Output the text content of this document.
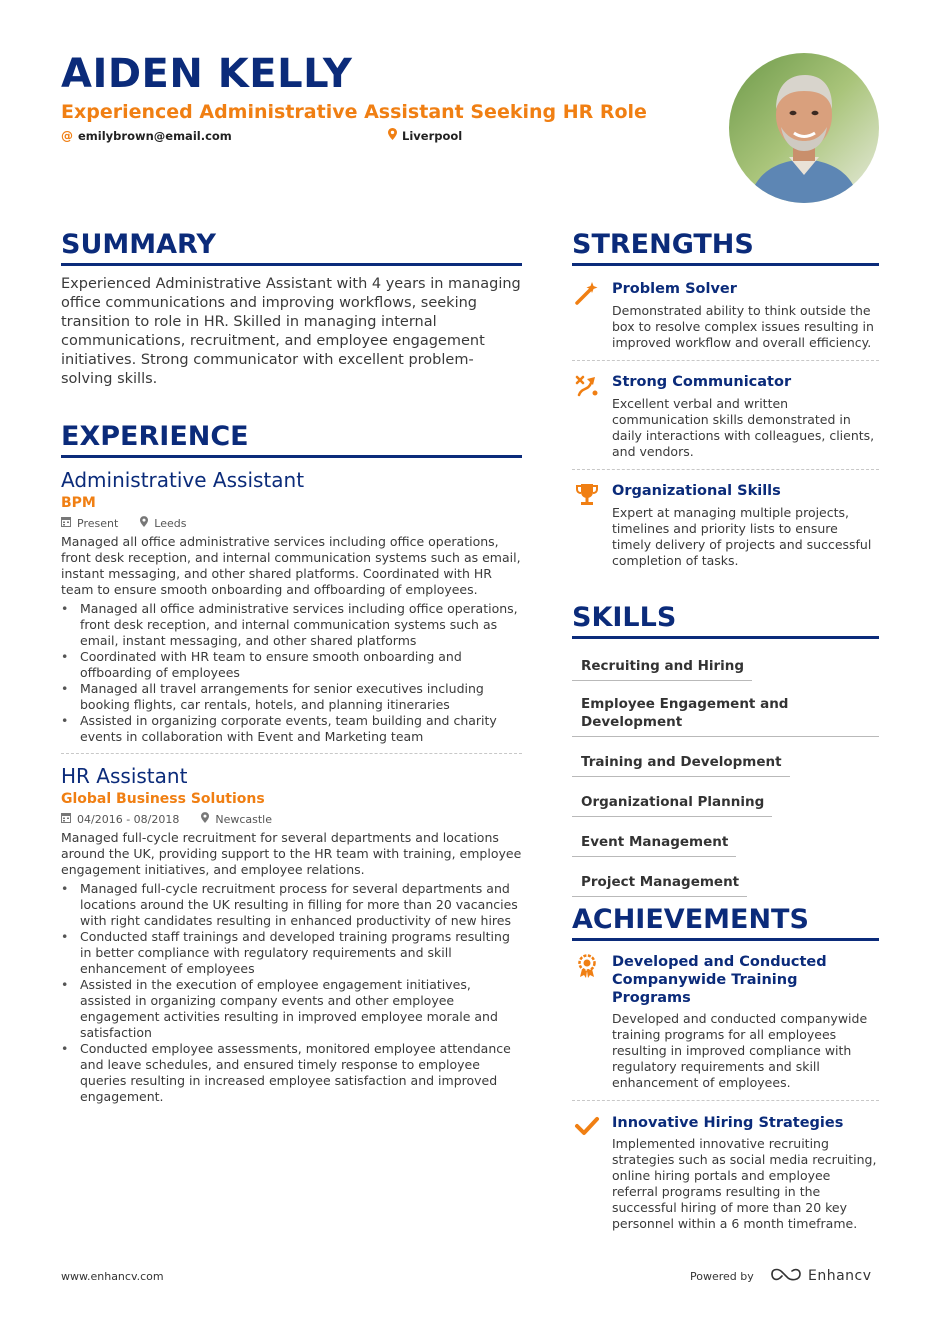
AIDEN KELLY
Experienced Administrative Assistant Seeking HR Role
@ emilybrown@email.com	Liverpool
SUMMARY
Experienced Administrative Assistant with 4 years in managing office communications and improving workflows, seeking transition to role in HR. Skilled in managing internal communications, recruitment, and employee engagement initiatives. Strong communicator with excellent problem-solving skills.
EXPERIENCE
Administrative Assistant
BPM
Present	Leeds
Managed all office administrative services including office operations, front desk reception, and internal communication systems such as email, instant messaging, and other shared platforms. Coordinated with HR team to ensure smooth onboarding and offboarding of employees.
• Managed all office administrative services including office operations, front desk reception, and internal communication systems such as email, instant messaging, and other shared platforms
• Coordinated with HR team to ensure smooth onboarding and offboarding of employees
• Managed all travel arrangements for senior executives including booking flights, car rentals, hotels, and planning itineraries
• Assisted in organizing corporate events, team building and charity events in collaboration with Event and Marketing team
HR Assistant
Global Business Solutions
04/2016 - 08/2018	Newcastle
Managed full-cycle recruitment for several departments and locations around the UK, providing support to the HR team with training, employee engagement initiatives, and employee relations.
• Managed full-cycle recruitment process for several departments and locations around the UK resulting in filling for more than 20 vacancies with right candidates resulting in enhanced productivity of new hires
• Conducted staff trainings and developed training programs resulting in better compliance with regulatory requirements and skill enhancement of employees
• Assisted in the execution of employee engagement initiatives, assisted in organizing company events and other employee engagement activities resulting in improved employee morale and satisfaction
• Conducted employee assessments, monitored employee attendance and leave schedules, and ensured timely response to employee queries resulting in increased employee satisfaction and improved engagement.
STRENGTHS
Problem Solver
Demonstrated ability to think outside the box to resolve complex issues resulting in improved workflow and overall efficiency.
Strong Communicator
Excellent verbal and written communication skills demonstrated in daily interactions with colleagues, clients, and vendors.
Organizational Skills
Expert at managing multiple projects, timelines and priority lists to ensure timely delivery of projects and successful completion of tasks.
SKILLS
Recruiting and Hiring
Employee Engagement and Development
Training and Development
Organizational Planning
Event Management
Project Management
ACHIEVEMENTS
Developed and Conducted Companywide Training Programs
Developed and conducted companywide training programs for all employees resulting in improved compliance with regulatory requirements and skill enhancement of employees.
Innovative Hiring Strategies
Implemented innovative recruiting strategies such as social media recruiting, online hiring portals and employee referral programs resulting in the successful hiring of more than 20 key personnel within a 6 month timeframe.
www.enhancv.com	Powered by	Enhancv
